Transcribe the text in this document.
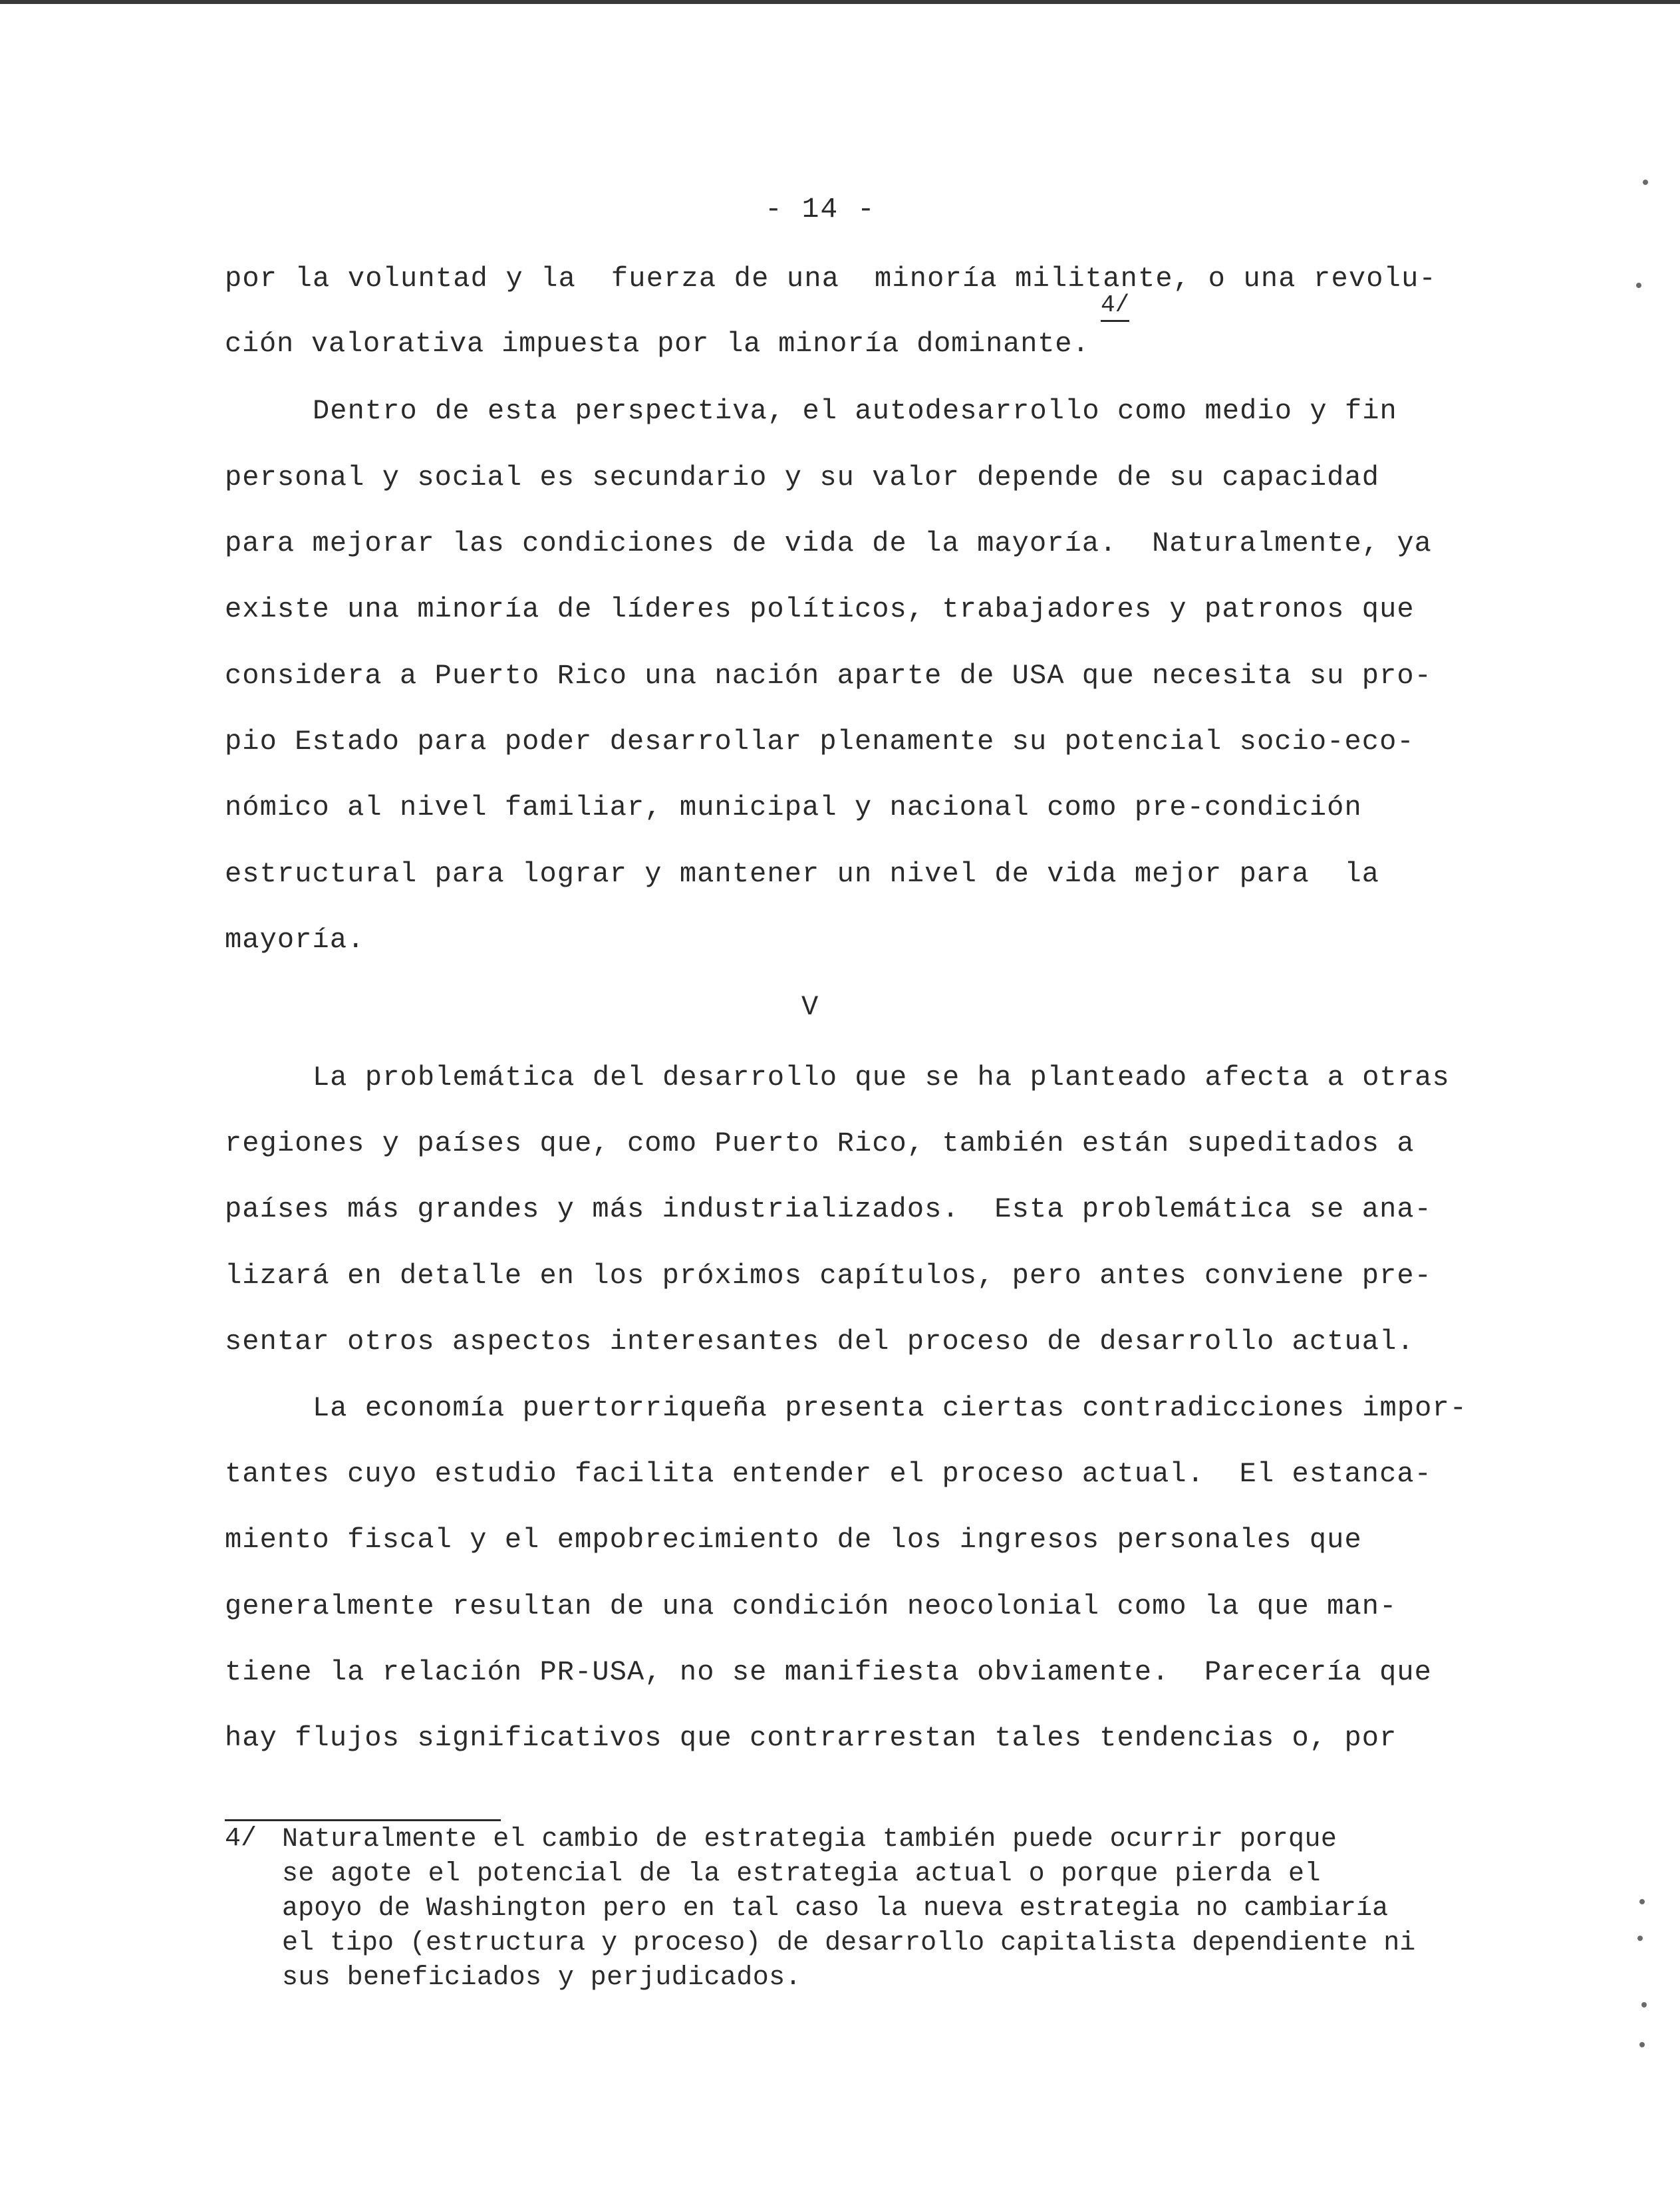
- 14 -
por la voluntad y la  fuerza de una  minoría militante, o una revolu-
4/
ción valorativa impuesta por la minoría dominante.
Dentro de esta perspectiva, el autodesarrollo como medio y fin
personal y social es secundario y su valor depende de su capacidad
para mejorar las condiciones de vida de la mayoría.  Naturalmente, ya
existe una minoría de líderes políticos, trabajadores y patronos que
considera a Puerto Rico una nación aparte de USA que necesita su pro-
pio Estado para poder desarrollar plenamente su potencial socio-eco-
nómico al nivel familiar, municipal y nacional como pre-condición
estructural para lograr y mantener un nivel de vida mejor para  la
mayoría.
V
La problemática del desarrollo que se ha planteado afecta a otras
regiones y países que, como Puerto Rico, también están supeditados a
países más grandes y más industrializados.  Esta problemática se ana-
lizará en detalle en los próximos capítulos, pero antes conviene pre-
sentar otros aspectos interesantes del proceso de desarrollo actual.
La economía puertorriqueña presenta ciertas contradicciones impor-
tantes cuyo estudio facilita entender el proceso actual.  El estanca-
miento fiscal y el empobrecimiento de los ingresos personales que
generalmente resultan de una condición neocolonial como la que man-
tiene la relación PR-USA, no se manifiesta obviamente.  Parecería que
hay flujos significativos que contrarrestan tales tendencias o, por
4/ Naturalmente el cambio de estrategia también puede ocurrir porque
se agote el potencial de la estrategia actual o porque pierda el
apoyo de Washington pero en tal caso la nueva estrategia no cambiaría
el tipo (estructura y proceso) de desarrollo capitalista dependiente ni
sus beneficiados y perjudicados.
